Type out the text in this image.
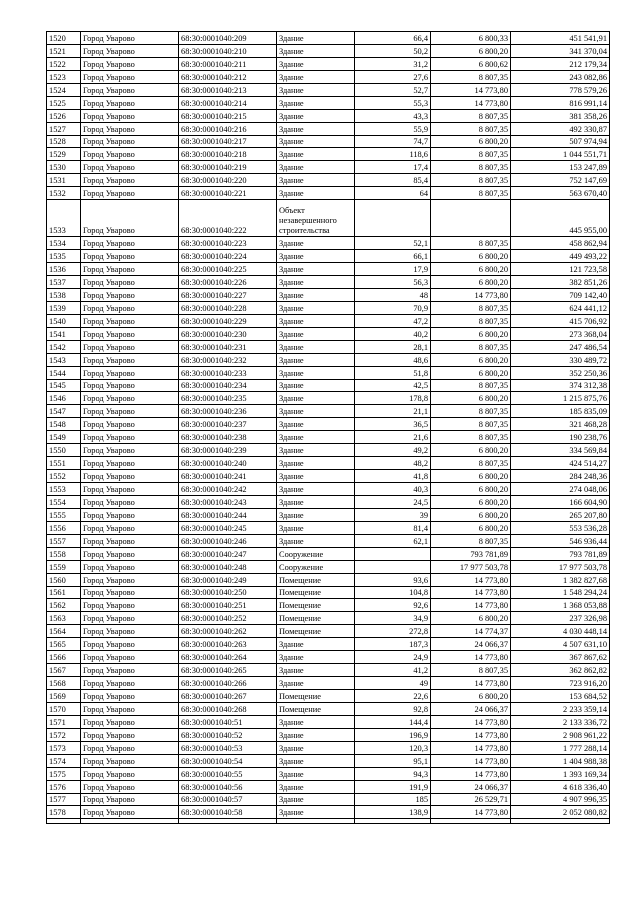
1520	Город Уварово	68:30:0001040:209	Здание	66,4	6 800,33	451 541,91
1521	Город Уварово	68:30:0001040:210	Здание	50,2	6 800,20	341 370,04
1522	Город Уварово	68:30:0001040:211	Здание	31,2	6 800,62	212 179,34
1523	Город Уварово	68:30:0001040:212	Здание	27,6	8 807,35	243 082,86
1524	Город Уварово	68:30:0001040:213	Здание	52,7	14 773,80	778 579,26
1525	Город Уварово	68:30:0001040:214	Здание	55,3	14 773,80	816 991,14
1526	Город Уварово	68:30:0001040:215	Здание	43,3	8 807,35	381 358,26
1527	Город Уварово	68:30:0001040:216	Здание	55,9	8 807,35	492 330,87
1528	Город Уварово	68:30:0001040:217	Здание	74,7	6 800,20	507 974,94
1529	Город Уварово	68:30:0001040:218	Здание	118,6	8 807,35	1 044 551,71
1530	Город Уварово	68:30:0001040:219	Здание	17,4	8 807,35	153 247,89
1531	Город Уварово	68:30:0001040:220	Здание	85,4	8 807,35	752 147,69
1532	Город Уварово	68:30:0001040:221	Здание	64	8 807,35	563 670,40
1533	Город Уварово	68:30:0001040:222	Объект незавершенного строительства			445 955,00
1534	Город Уварово	68:30:0001040:223	Здание	52,1	8 807,35	458 862,94
1535	Город Уварово	68:30:0001040:224	Здание	66,1	6 800,20	449 493,22
1536	Город Уварово	68:30:0001040:225	Здание	17,9	6 800,20	121 723,58
1537	Город Уварово	68:30:0001040:226	Здание	56,3	6 800,20	382 851,26
1538	Город Уварово	68:30:0001040:227	Здание	48	14 773,80	709 142,40
1539	Город Уварово	68:30:0001040:228	Здание	70,9	8 807,35	624 441,12
1540	Город Уварово	68:30:0001040:229	Здание	47,2	8 807,35	415 706,92
1541	Город Уварово	68:30:0001040:230	Здание	40,2	6 800,20	273 368,04
1542	Город Уварово	68:30:0001040:231	Здание	28,1	8 807,35	247 486,54
1543	Город Уварово	68:30:0001040:232	Здание	48,6	6 800,20	330 489,72
1544	Город Уварово	68:30:0001040:233	Здание	51,8	6 800,20	352 250,36
1545	Город Уварово	68:30:0001040:234	Здание	42,5	8 807,35	374 312,38
1546	Город Уварово	68:30:0001040:235	Здание	178,8	6 800,20	1 215 875,76
1547	Город Уварово	68:30:0001040:236	Здание	21,1	8 807,35	185 835,09
1548	Город Уварово	68:30:0001040:237	Здание	36,5	8 807,35	321 468,28
1549	Город Уварово	68:30:0001040:238	Здание	21,6	8 807,35	190 238,76
1550	Город Уварово	68:30:0001040:239	Здание	49,2	6 800,20	334 569,84
1551	Город Уварово	68:30:0001040:240	Здание	48,2	8 807,35	424 514,27
1552	Город Уварово	68:30:0001040:241	Здание	41,8	6 800,20	284 248,36
1553	Город Уварово	68:30:0001040:242	Здание	40,3	6 800,20	274 048,06
1554	Город Уварово	68:30:0001040:243	Здание	24,5	6 800,20	166 604,90
1555	Город Уварово	68:30:0001040:244	Здание	39	6 800,20	265 207,80
1556	Город Уварово	68:30:0001040:245	Здание	81,4	6 800,20	553 536,28
1557	Город Уварово	68:30:0001040:246	Здание	62,1	8 807,35	546 936,44
1558	Город Уварово	68:30:0001040:247	Сооружение		793 781,89	793 781,89
1559	Город Уварово	68:30:0001040:248	Сооружение		17 977 503,78	17 977 503,78
1560	Город Уварово	68:30:0001040:249	Помещение	93,6	14 773,80	1 382 827,68
1561	Город Уварово	68:30:0001040:250	Помещение	104,8	14 773,80	1 548 294,24
1562	Город Уварово	68:30:0001040:251	Помещение	92,6	14 773,80	1 368 053,88
1563	Город Уварово	68:30:0001040:252	Помещение	34,9	6 800,20	237 326,98
1564	Город Уварово	68:30:0001040:262	Помещение	272,8	14 774,37	4 030 448,14
1565	Город Уварово	68:30:0001040:263	Здание	187,3	24 066,37	4 507 631,10
1566	Город Уварово	68:30:0001040:264	Здание	24,9	14 773,80	367 867,62
1567	Город Уварово	68:30:0001040:265	Здание	41,2	8 807,35	362 862,82
1568	Город Уварово	68:30:0001040:266	Здание	49	14 773,80	723 916,20
1569	Город Уварово	68:30:0001040:267	Помещение	22,6	6 800,20	153 684,52
1570	Город Уварово	68:30:0001040:268	Помещение	92,8	24 066,37	2 233 359,14
1571	Город Уварово	68:30:0001040:51	Здание	144,4	14 773,80	2 133 336,72
1572	Город Уварово	68:30:0001040:52	Здание	196,9	14 773,80	2 908 961,22
1573	Город Уварово	68:30:0001040:53	Здание	120,3	14 773,80	1 777 288,14
1574	Город Уварово	68:30:0001040:54	Здание	95,1	14 773,80	1 404 988,38
1575	Город Уварово	68:30:0001040:55	Здание	94,3	14 773,80	1 393 169,34
1576	Город Уварово	68:30:0001040:56	Здание	191,9	24 066,37	4 618 336,40
1577	Город Уварово	68:30:0001040:57	Здание	185	26 529,71	4 907 996,35
1578	Город Уварово	68:30:0001040:58	Здание	138,9	14 773,80	2 052 080,82
